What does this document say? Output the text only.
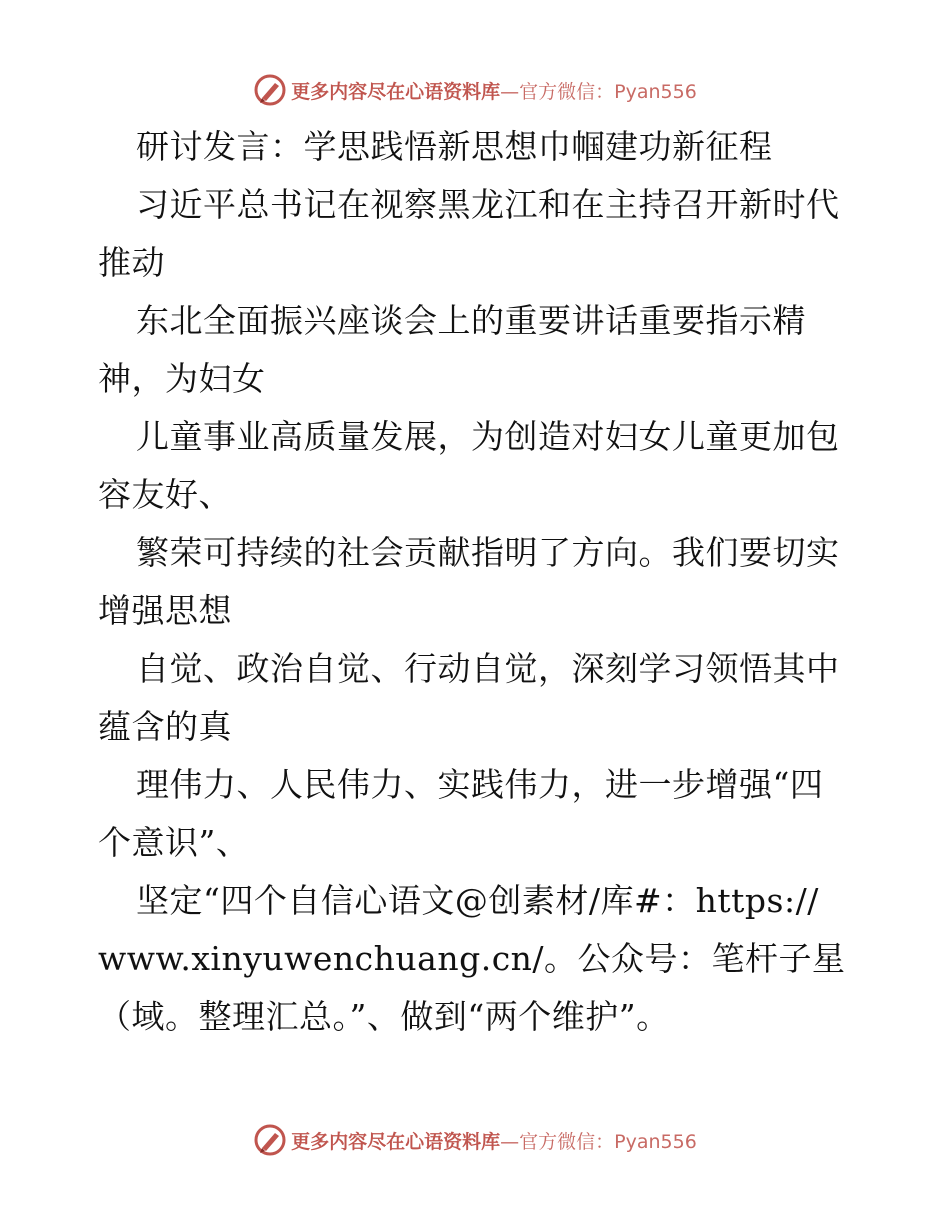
更多内容尽在心语资料库—官方微信：Pyan556
研讨发言：学思践悟新思想巾帼建功新征程
习近平总书记在视察黑龙江和在主持召开新时代
推动
东北全面振兴座谈会上的重要讲话重要指示精
神，为妇女
儿童事业高质量发展，为创造对妇女儿童更加包
容友好、
繁荣可持续的社会贡献指明了方向。我们要切实
增强思想
自觉、政治自觉、行动自觉，深刻学习领悟其中
蕴含的真
理伟力、人民伟力、实践伟力，进一步增强“四
个意识”、
坚定“四个自信心语文@创素材/库#：https://
www.xinyuwenchuang.cn/。公众号：笔杆子星
（域。整理汇总。”、做到“两个维护”。
更多内容尽在心语资料库—官方微信：Pyan556
